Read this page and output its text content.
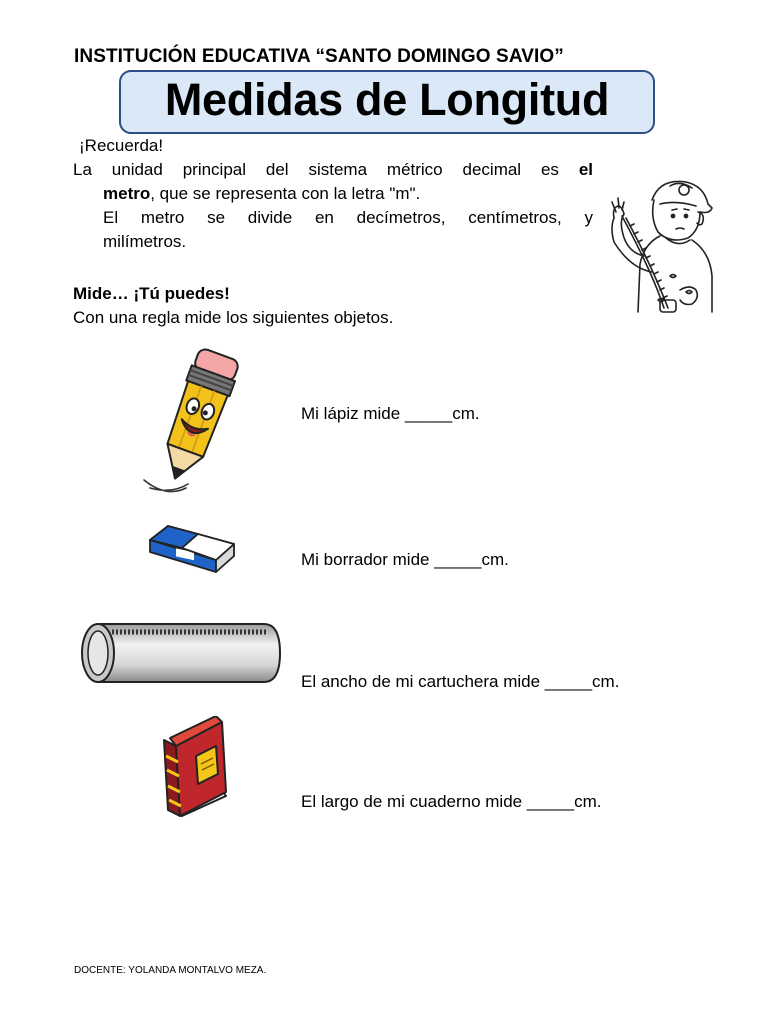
INSTITUCIÓN EDUCATIVA “SANTO DOMINGO SAVIO”
Medidas de Longitud
¡Recuerda!
La unidad principal del sistema métrico decimal es el
metro, que se representa con la letra "m".
El metro se divide en decímetros, centímetros, y
milímetros.
Mide… ¡Tú puedes!
Con una regla mide los siguientes objetos.
Mi lápiz mide _____cm.
Mi borrador mide _____cm.
El ancho de mi cartuchera mide _____cm.
El largo de mi cuaderno mide _____cm.
DOCENTE: YOLANDA MONTALVO MEZA.
